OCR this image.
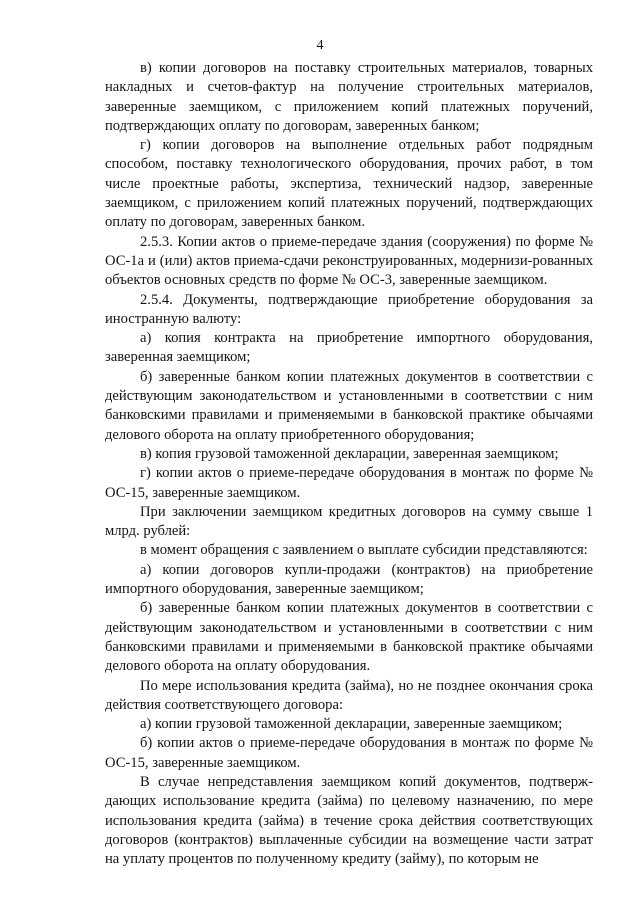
4

в) копии договоров на поставку строительных материалов, товарных накладных и счетов-фактур на получение строительных материалов, заверенные заемщиком, с приложением копий платежных поручений, подтверждающих оплату по договорам, заверенных банком;

г) копии договоров на выполнение отдельных работ подрядным способом, поставку технологического оборудования, прочих работ, в том числе проектные работы, экспертиза, технический надзор, заверенные заемщиком, с приложением копий платежных поручений, подтверждающих оплату по договорам, заверенных банком.

2.5.3. Копии актов о приеме-передаче здания (сооружения) по форме № ОС-1а и (или) актов приема-сдачи реконструированных, модернизи-рованных объектов основных средств по форме № ОС-3, заверенные заемщиком.

2.5.4. Документы, подтверждающие приобретение оборудования за иностранную валюту:

а) копия контракта на приобретение импортного оборудования, заверенная заемщиком;

б) заверенные банком копии платежных документов в соответствии с действующим законодательством и установленными в соответствии с ним банковскими правилами и применяемыми в банковской практике обычаями делового оборота на оплату приобретенного оборудования;

в) копия грузовой таможенной декларации, заверенная заемщиком;

г) копии актов о приеме-передаче оборудования в монтаж по форме № ОС-15, заверенные заемщиком.

При заключении заемщиком кредитных договоров на сумму свыше 1 млрд. рублей:

в момент обращения с заявлением о выплате субсидии представляются:

а) копии договоров купли-продажи (контрактов) на приобретение импортного оборудования, заверенные заемщиком;

б) заверенные банком копии платежных документов в соответствии с действующим законодательством и установленными в соответствии с ним банковскими правилами и применяемыми в банковской практике обычаями делового оборота на оплату оборудования.

По мере использования кредита (займа), но не позднее окончания срока действия соответствующего договора:

а) копии грузовой таможенной декларации, заверенные заемщиком;

б) копии актов о приеме-передаче оборудования в монтаж по форме № ОС-15, заверенные заемщиком.

В случае непредставления заемщиком копий документов, подтверж-дающих использование кредита (займа) по целевому назначению, по мере использования кредита (займа) в течение срока действия соответствующих договоров (контрактов) выплаченные субсидии на возмещение части затрат на уплату процентов по полученному кредиту (займу), по которым не
